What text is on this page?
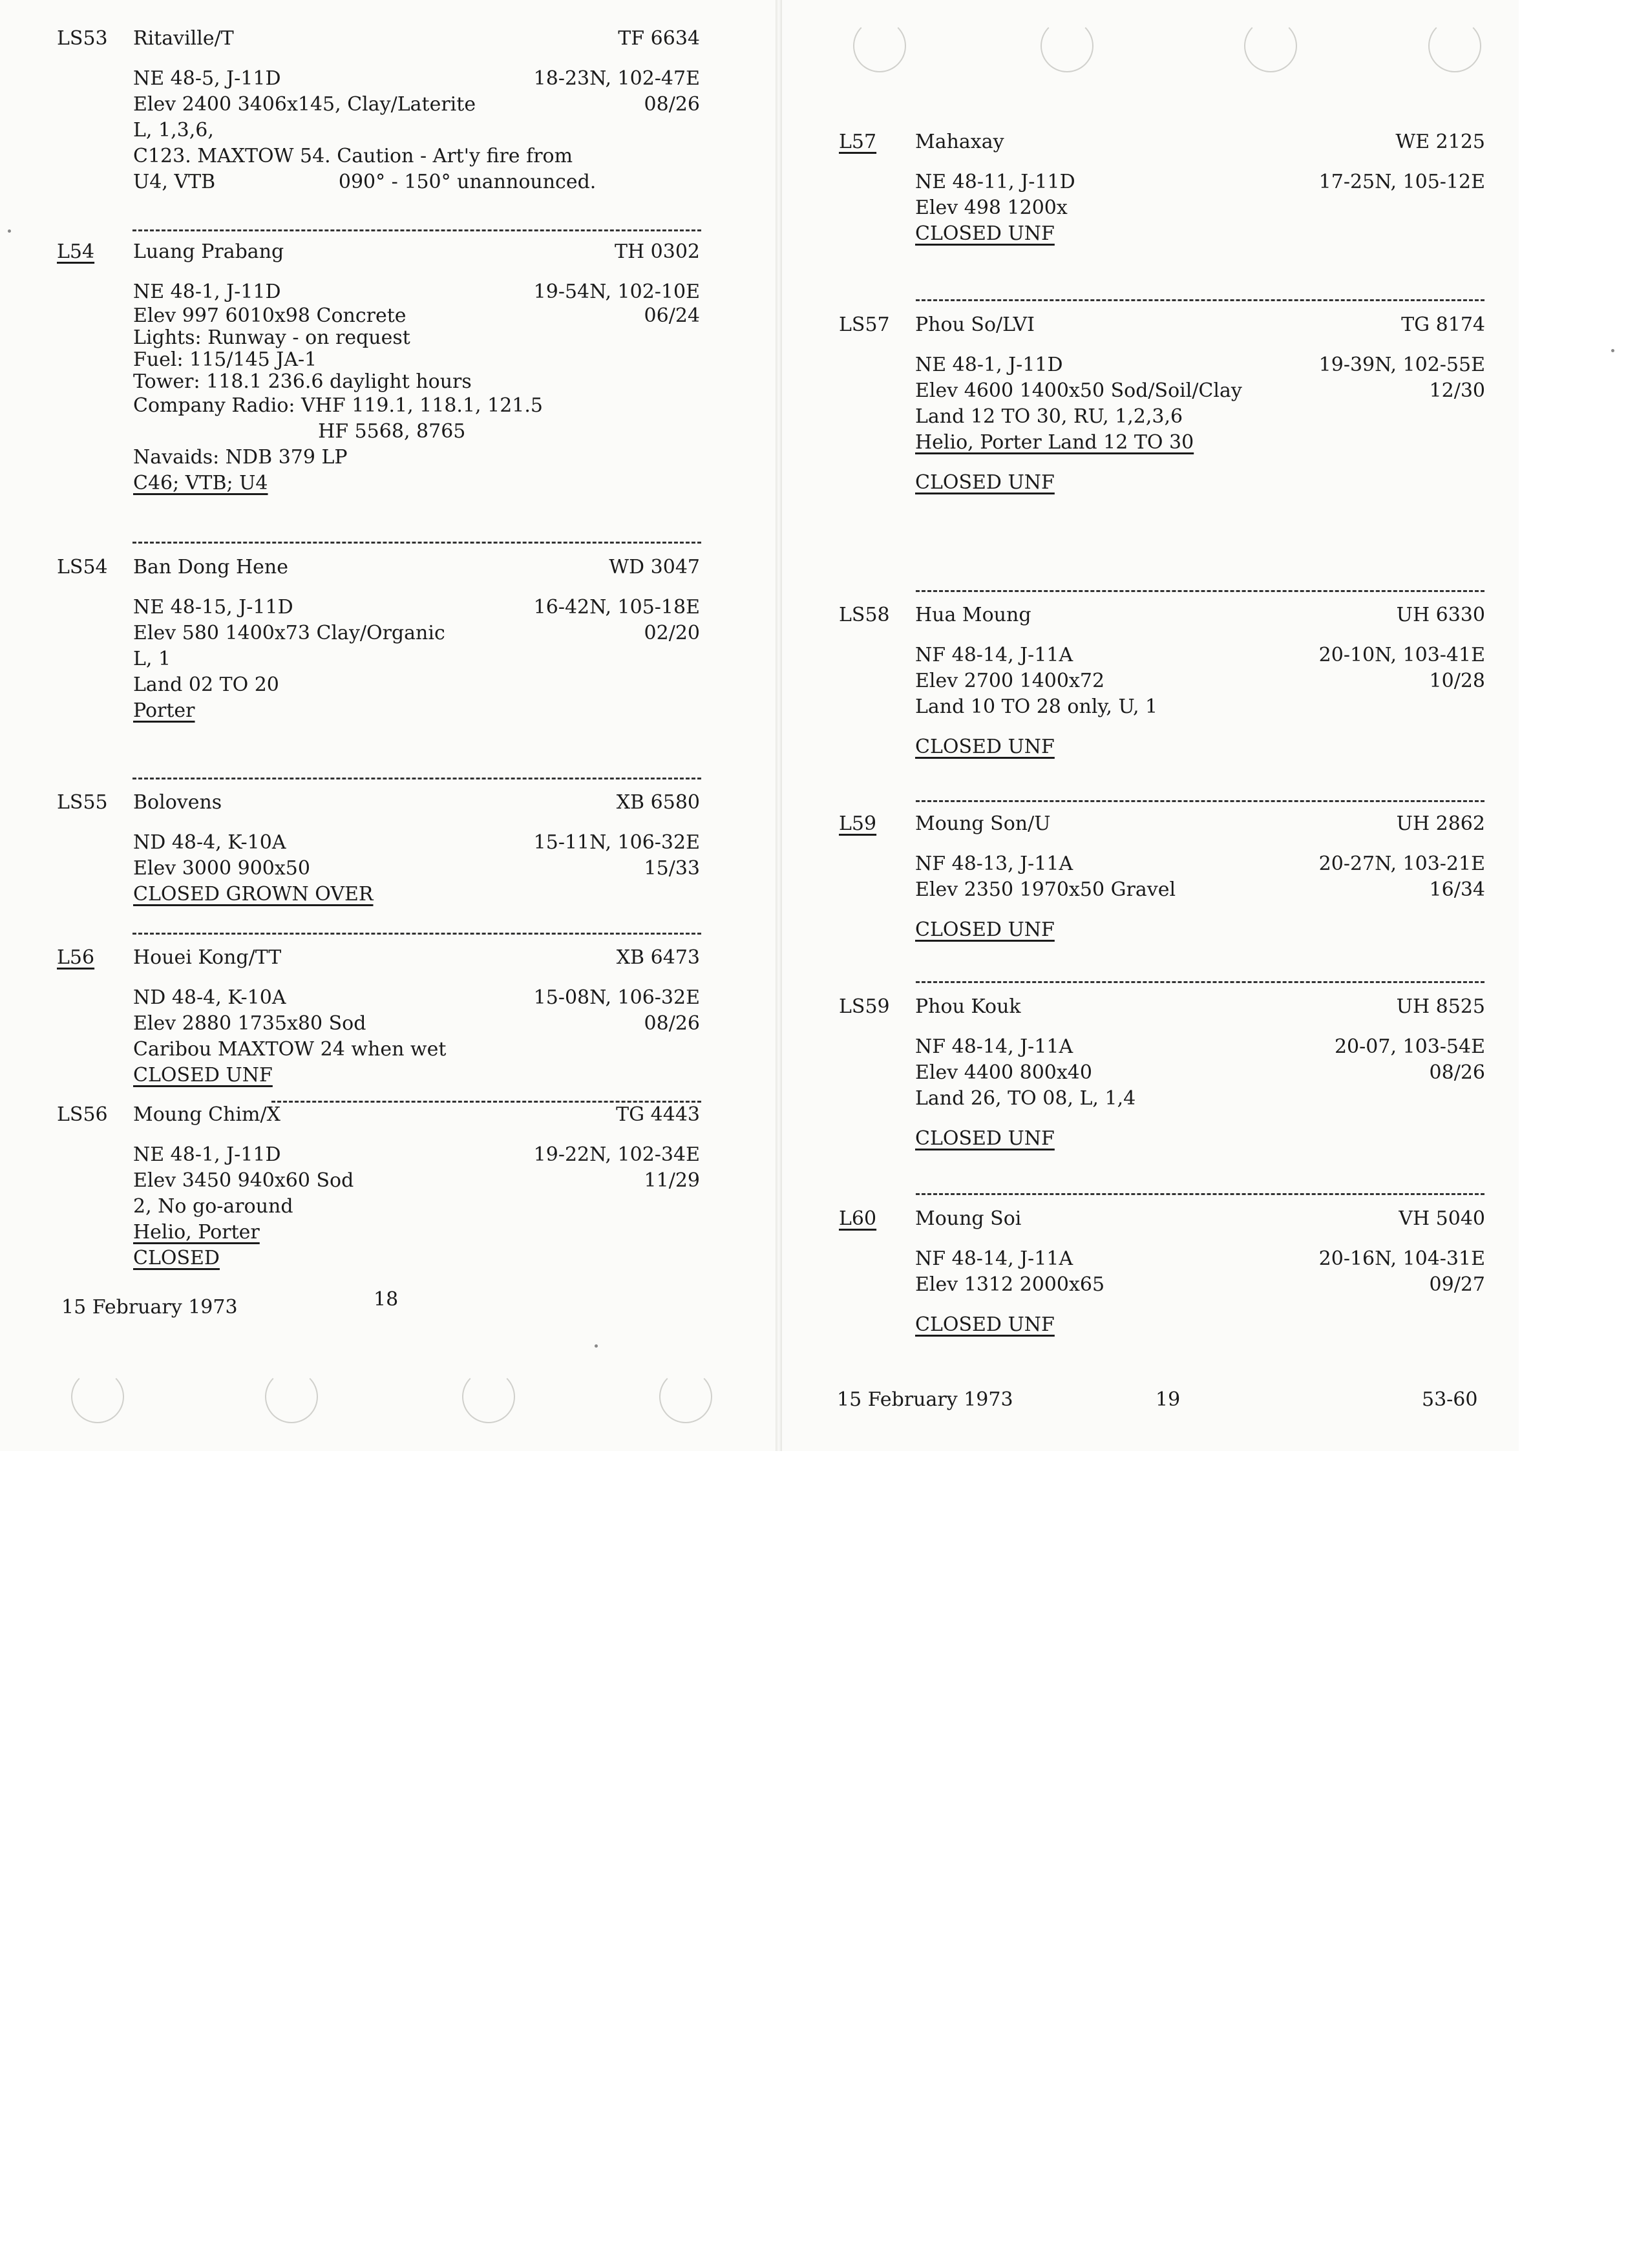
LS53 Ritaville/T	TF 6634
NE 48-5, J-11D	18-23N, 102-47E
Elev 2400 3406x145, Clay/Laterite	08/26
L, 1,3,6,
C123. MAXTOW 54. Caution - Art'y fire from
U4, VTB                    090° - 150° unannounced.
L54 Luang Prabang	TH 0302
NE 48-1, J-11D	19-54N, 102-10E
Elev 997 6010x98 Concrete	06/24
Lights: Runway - on request
Fuel: 115/145 JA-1
Tower: 118.1 236.6 daylight hours
Company Radio: VHF 119.1, 118.1, 121.5
HF 5568, 8765
Navaids: NDB 379 LP
C46; VTB; U4
LS54 Ban Dong Hene	WD 3047
NE 48-15, J-11D	16-42N, 105-18E
Elev 580 1400x73 Clay/Organic	02/20
L, 1
Land 02 TO 20
Porter
LS55 Bolovens	XB 6580
ND 48-4, K-10A	15-11N, 106-32E
Elev 3000 900x50	15/33
CLOSED GROWN OVER
L56 Houei Kong/TT	XB 6473
ND 48-4, K-10A	15-08N, 106-32E
Elev 2880 1735x80 Sod	08/26
Caribou MAXTOW 24 when wet
CLOSED UNF
LS56 Moung Chim/X	TG 4443
NE 48-1, J-11D	19-22N, 102-34E
Elev 3450 940x60 Sod	11/29
2, No go-around
Helio, Porter
CLOSED
15 February 1973	18
L57 Mahaxay	WE 2125
NE 48-11, J-11D	17-25N, 105-12E
Elev 498 1200x
CLOSED UNF
LS57 Phou So/LVI	TG 8174
NE 48-1, J-11D	19-39N, 102-55E
Elev 4600 1400x50 Sod/Soil/Clay	12/30
Land 12 TO 30, RU, 1,2,3,6
Helio, Porter Land 12 TO 30
CLOSED UNF
LS58 Hua Moung	UH 6330
NF 48-14, J-11A	20-10N, 103-41E
Elev 2700 1400x72	10/28
Land 10 TO 28 only, U, 1
CLOSED UNF
L59 Moung Son/U	UH 2862
NF 48-13, J-11A	20-27N, 103-21E
Elev 2350 1970x50 Gravel	16/34
CLOSED UNF
LS59 Phou Kouk	UH 8525
NF 48-14, J-11A	20-07, 103-54E
Elev 4400 800x40	08/26
Land 26, TO 08, L, 1,4
CLOSED UNF
L60 Moung Soi	VH 5040
NF 48-14, J-11A	20-16N, 104-31E
Elev 1312 2000x65	09/27
CLOSED UNF
15 February 1973	19	53-60
